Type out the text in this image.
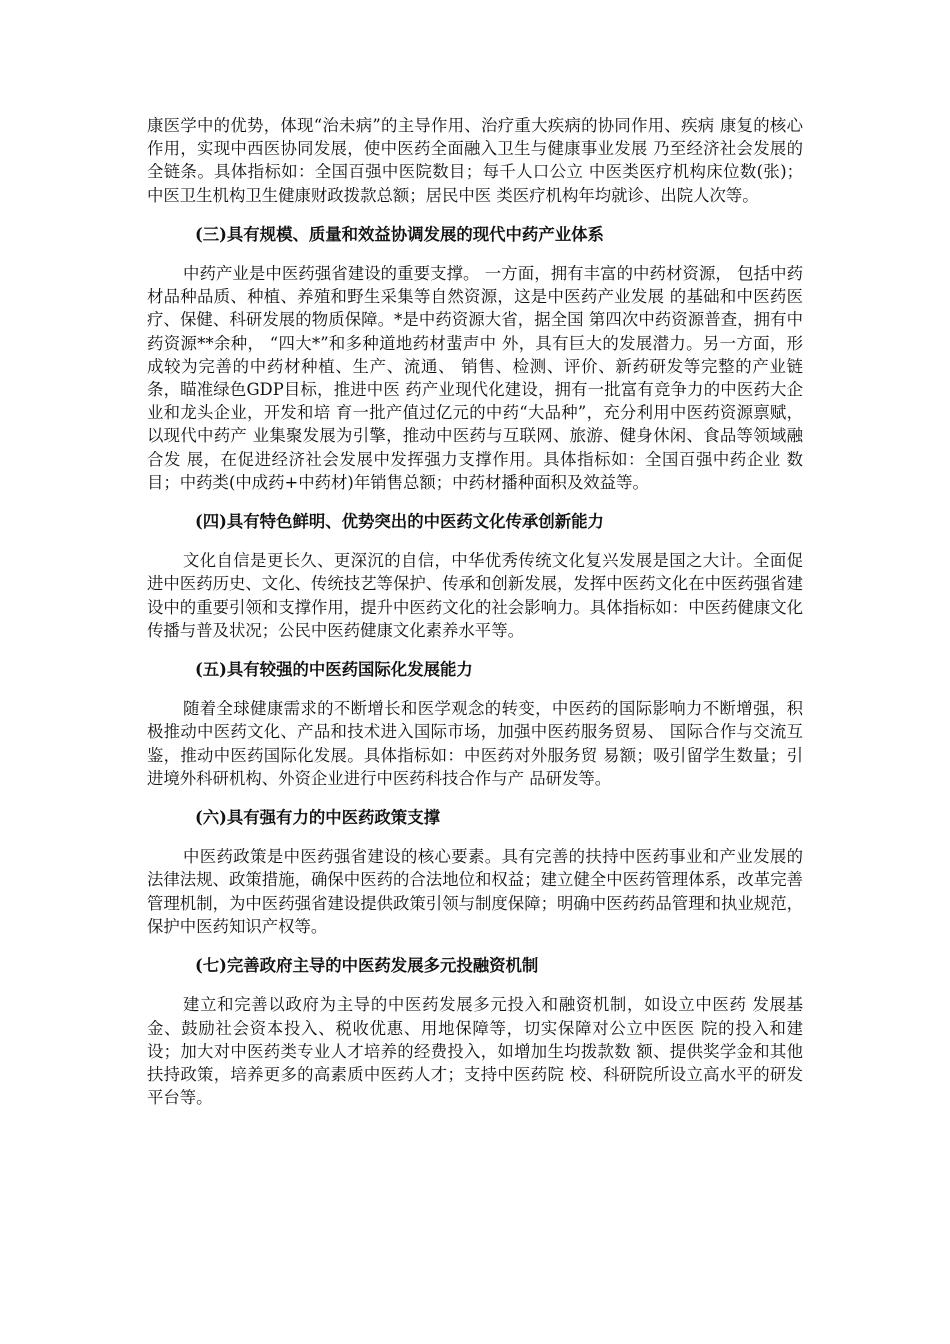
康医学中的优势，体现“治未病”的主导作用、治疗重大疾病的协同作用、疾病 康复的核心作用，实现中西医协同发展，使中医药全面融入卫生与健康事业发展 乃至经济社会发展的全链条。具体指标如：全国百强中医院数目；每千人口公立 中医类医疗机构床位数(张)；中医卫生机构卫生健康财政拨款总额；居民中医 类医疗机构年均就诊、出院人次等。

(三)具有规模、质量和效益协调发展的现代中药产业体系

中药产业是中医药强省建设的重要支撑。 一方面，拥有丰富的中药材资源， 包括中药材品种品质、种植、养殖和野生采集等自然资源，这是中医药产业发展 的基础和中医药医疗、保健、科研发展的物质保障。*是中药资源大省，据全国 第四次中药资源普查，拥有中药资源**余种， “四大*”和多种道地药材蜚声中 外，具有巨大的发展潜力。另一方面，形成较为完善的中药材种植、生产、流通、 销售、检测、评价、新药研发等完整的产业链条，瞄准绿色GDP目标，推进中医 药产业现代化建设，拥有一批富有竞争力的中医药大企业和龙头企业，开发和培 育一批产值过亿元的中药“大品种”，充分利用中医药资源禀赋，以现代中药产 业集聚发展为引擎，推动中医药与互联网、旅游、健身休闲、食品等领域融合发 展，在促进经济社会发展中发挥强力支撑作用。具体指标如：全国百强中药企业 数目；中药类(中成药+中药材)年销售总额；中药材播种面积及效益等。

(四)具有特色鲜明、优势突出的中医药文化传承创新能力

文化自信是更长久、更深沉的自信，中华优秀传统文化复兴发展是国之大计。全面促进中医药历史、文化、传统技艺等保护、传承和创新发展，发挥中医药文化在中医药强省建设中的重要引领和支撑作用，提升中医药文化的社会影响力。具体指标如：中医药健康文化传播与普及状况；公民中医药健康文化素养水平等。

(五)具有较强的中医药国际化发展能力

随着全球健康需求的不断增长和医学观念的转变，中医药的国际影响力不断增强，积极推动中医药文化、产品和技术进入国际市场，加强中医药服务贸易、 国际合作与交流互鉴，推动中医药国际化发展。具体指标如：中医药对外服务贸 易额；吸引留学生数量；引进境外科研机构、外资企业进行中医药科技合作与产 品研发等。

(六)具有强有力的中医药政策支撑

中医药政策是中医药强省建设的核心要素。具有完善的扶持中医药事业和产业发展的法律法规、政策措施，确保中医药的合法地位和权益；建立健全中医药管理体系，改革完善管理机制，为中医药强省建设提供政策引领与制度保障；明确中医药药品管理和执业规范，保护中医药知识产权等。

(七)完善政府主导的中医药发展多元投融资机制

建立和完善以政府为主导的中医药发展多元投入和融资机制，如设立中医药 发展基金、鼓励社会资本投入、税收优惠、用地保障等，切实保障对公立中医医 院的投入和建设；加大对中医药类专业人才培养的经费投入，如增加生均拨款数 额、提供奖学金和其他扶持政策，培养更多的高素质中医药人才；支持中医药院 校、科研院所设立高水平的研发平台等。
